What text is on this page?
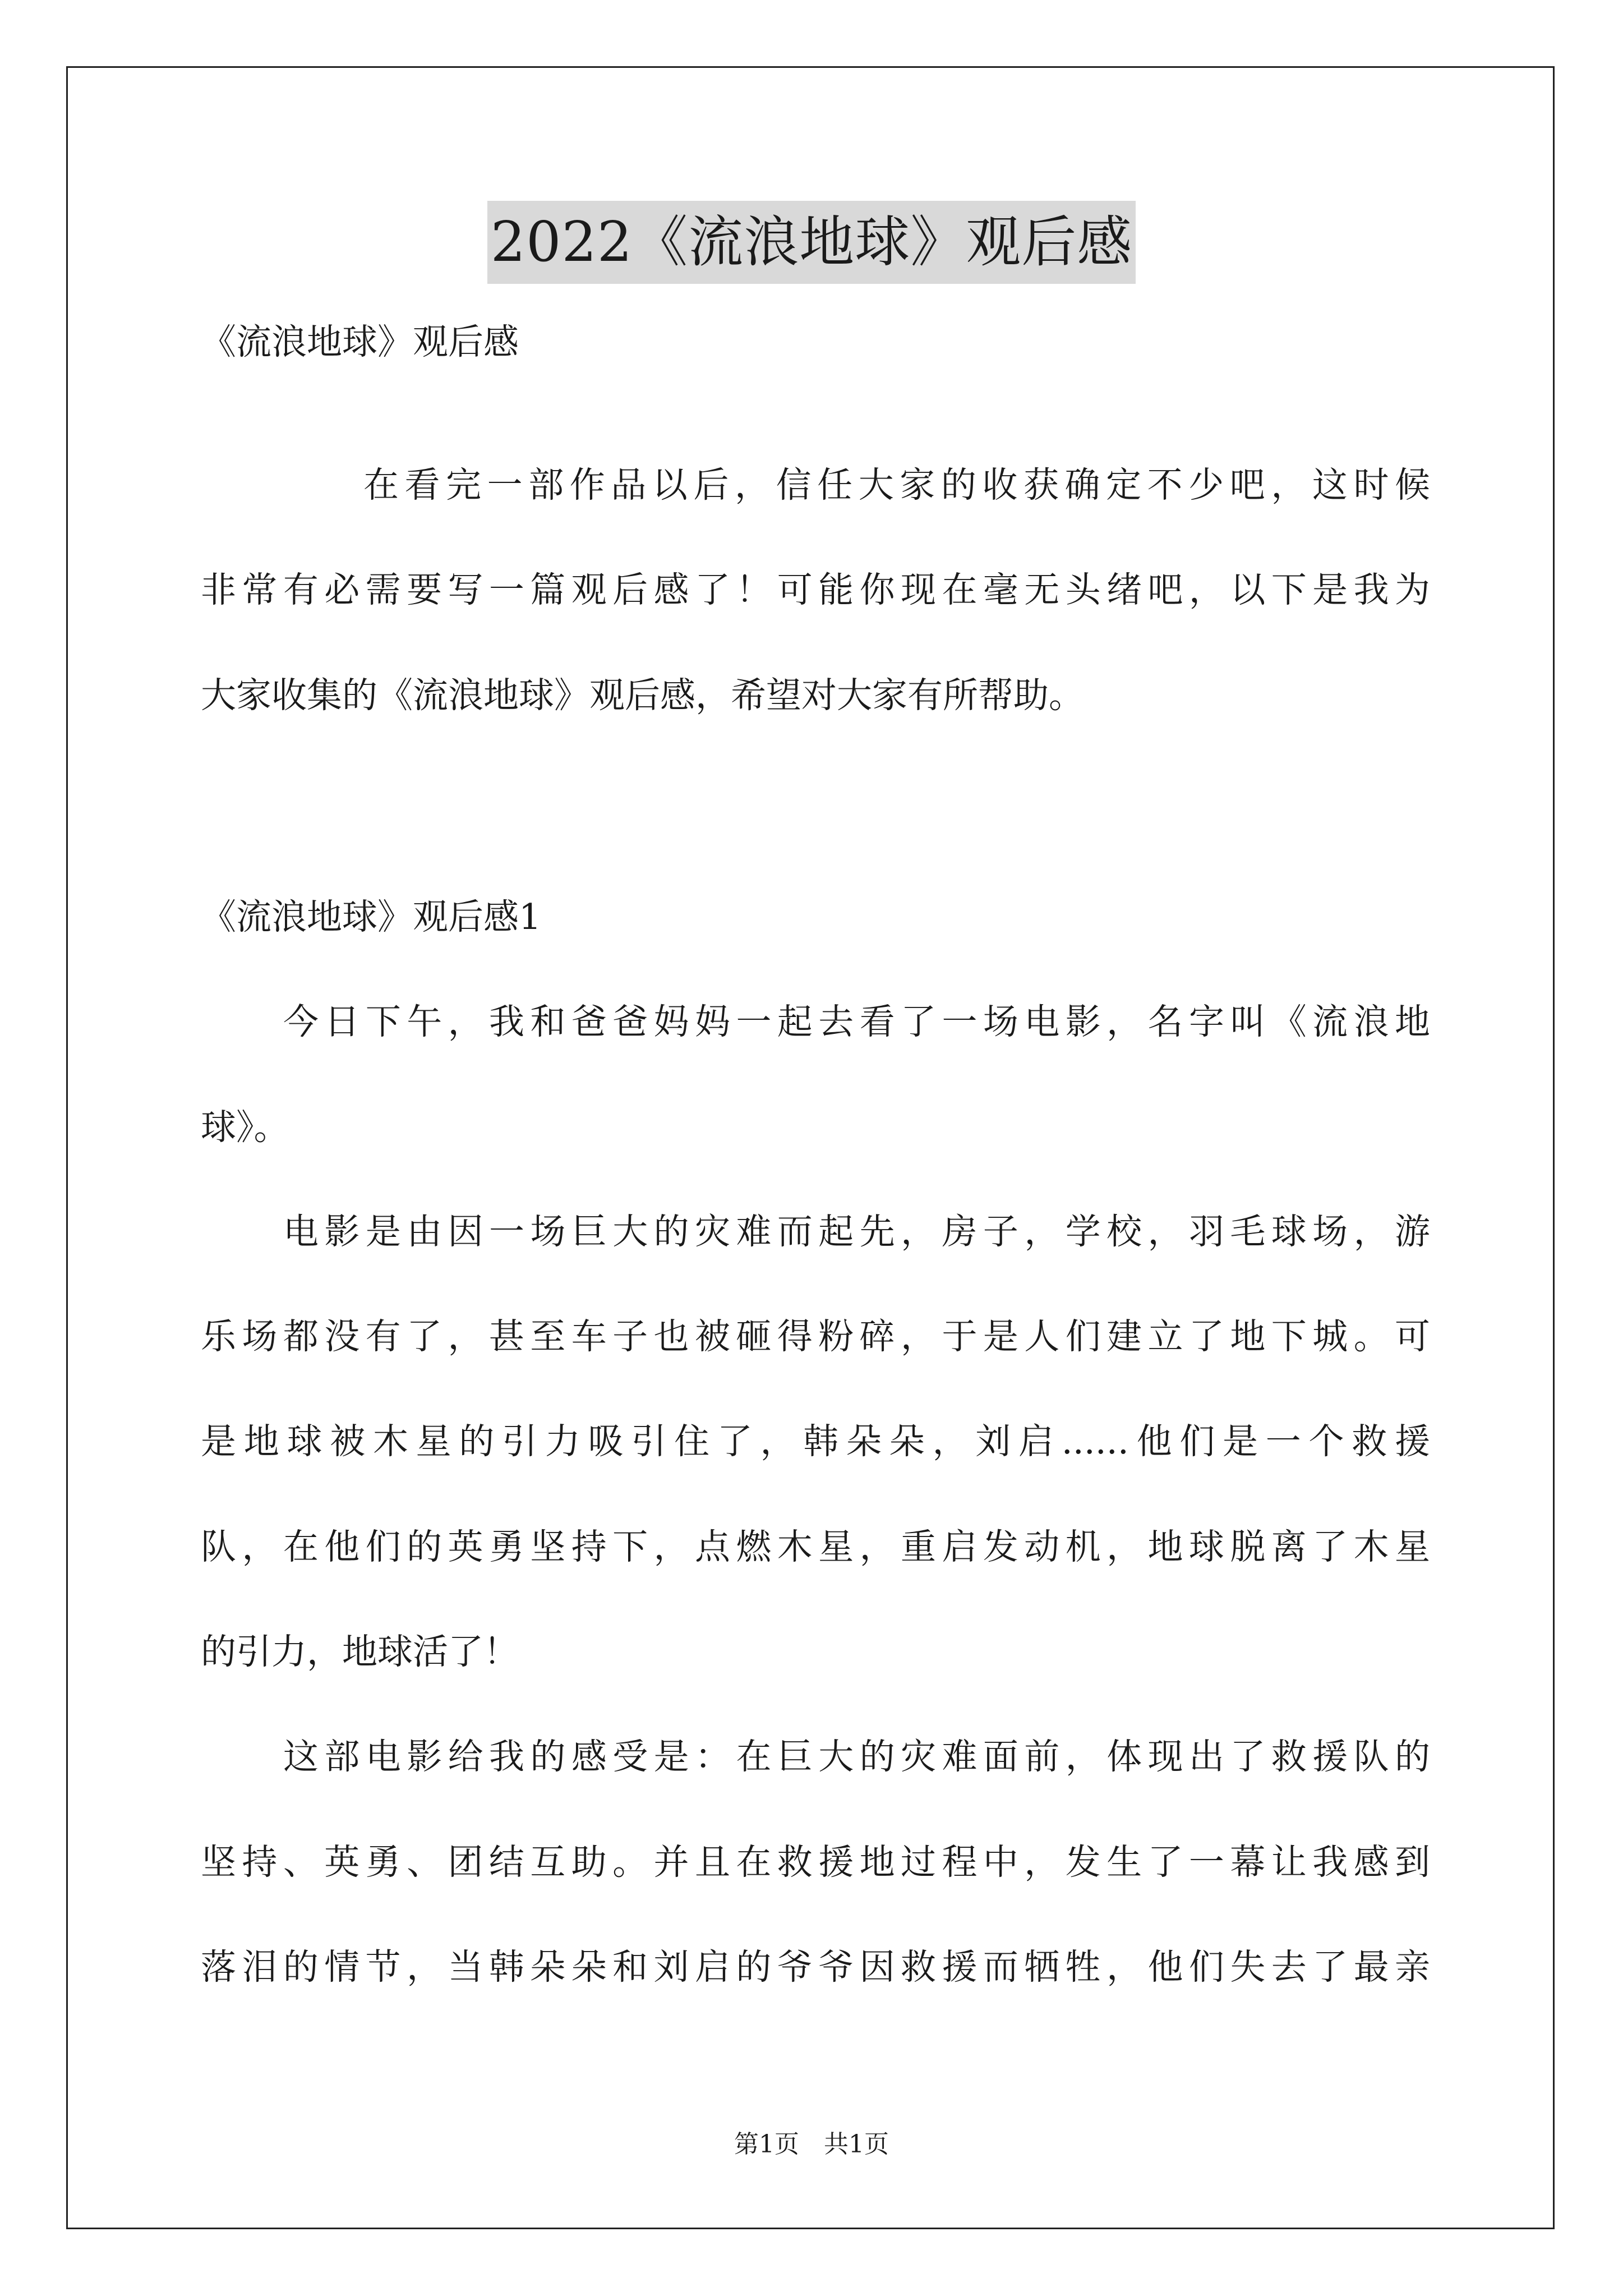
2022《流浪地球》观后感
《流浪地球》观后感
在看完一部作品以后，信任大家的收获确定不少吧，这时候
非常有必需要写一篇观后感了！可能你现在毫无头绪吧，以下是我为
大家收集的《流浪地球》观后感，希望对大家有所帮助。
《流浪地球》观后感1
今日下午，我和爸爸妈妈一起去看了一场电影，名字叫《流浪地
球》。
电影是由因一场巨大的灾难而起先，房子，学校，羽毛球场，游
乐场都没有了，甚至车子也被砸得粉碎，于是人们建立了地下城。可
是地球被木星的引力吸引住了，韩朵朵，刘启......他们是一个救援
队，在他们的英勇坚持下，点燃木星，重启发动机，地球脱离了木星
的引力，地球活了！
这部电影给我的感受是：在巨大的灾难面前，体现出了救援队的
坚持、英勇、团结互助。并且在救援地过程中，发生了一幕让我感到
落泪的情节，当韩朵朵和刘启的爷爷因救援而牺牲，他们失去了最亲
第1页　共1页
